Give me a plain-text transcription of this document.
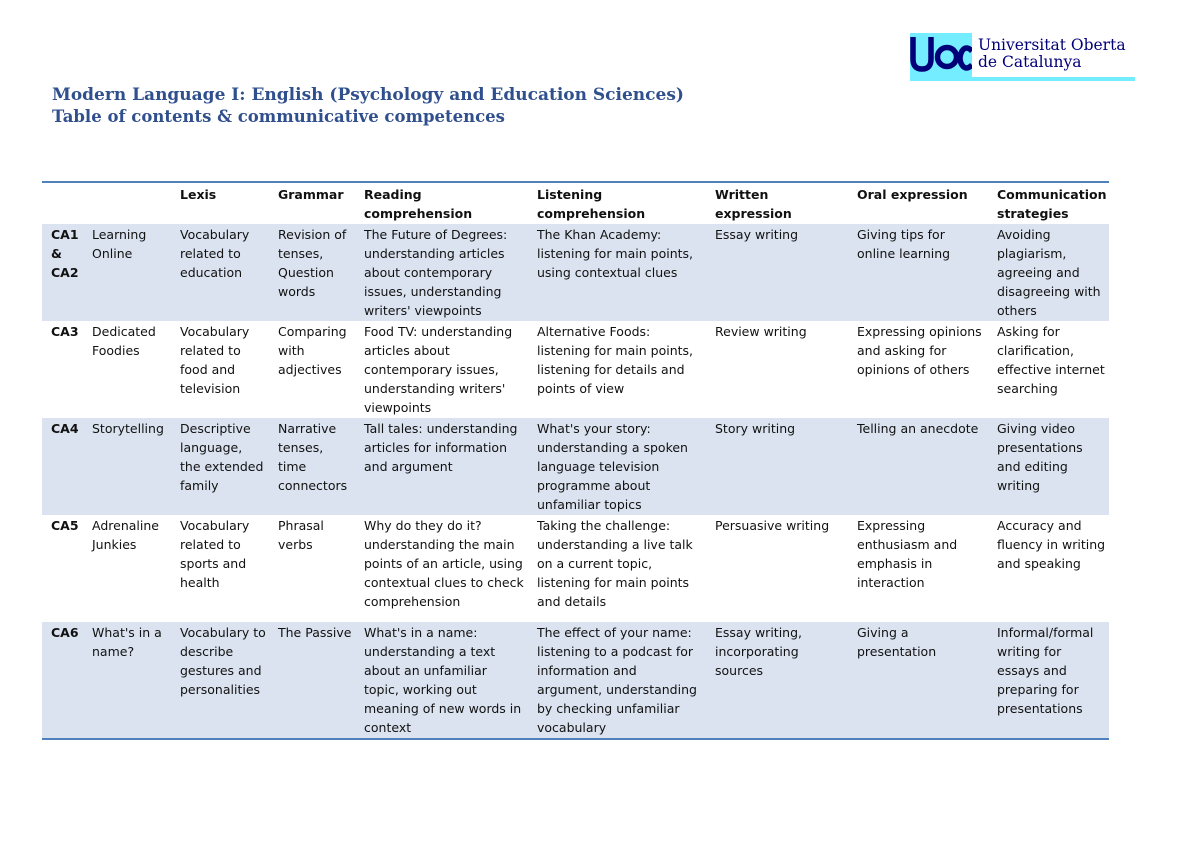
Universitat Oberta
de Catalunya
Modern Language I: English (Psychology and Education Sciences)
Table of contents & communicative competences
		Lexis	Grammar	Reading comprehension	Listening comprehension	Written expression	Oral expression	Communication strategies
CA1 & CA2	Learning Online	Vocabulary related to education	Revision of tenses, Question words	The Future of Degrees: understanding articles about contemporary issues, understanding writers' viewpoints	The Khan Academy: listening for main points, using contextual clues	Essay writing	Giving tips for online learning	Avoiding plagiarism, agreeing and disagreeing with others
CA3	Dedicated Foodies	Vocabulary related to food and television	Comparing with adjectives	Food TV: understanding articles about contemporary issues, understanding writers' viewpoints	Alternative Foods: listening for main points, listening for details and points of view	Review writing	Expressing opinions and asking for opinions of others	Asking for clarification, effective internet searching
CA4	Storytelling	Descriptive language, the extended family	Narrative tenses, time connectors	Tall tales: understanding articles for information and argument	What's your story: understanding a spoken language television programme about unfamiliar topics	Story writing	Telling an anecdote	Giving video presentations and editing writing
CA5	Adrenaline Junkies	Vocabulary related to sports and health	Phrasal verbs	Why do they do it? understanding the main points of an article, using contextual clues to check comprehension	Taking the challenge: understanding a live talk on a current topic, listening for main points and details	Persuasive writing	Expressing enthusiasm and emphasis in interaction	Accuracy and fluency in writing and speaking
CA6	What's in a name?	Vocabulary to describe gestures and personalities	The Passive	What's in a name: understanding a text about an unfamiliar topic, working out meaning of new words in context	The effect of your name: listening to a podcast for information and argument, understanding by checking unfamiliar vocabulary	Essay writing, incorporating sources	Giving a presentation	Informal/formal writing for essays and preparing for presentations
